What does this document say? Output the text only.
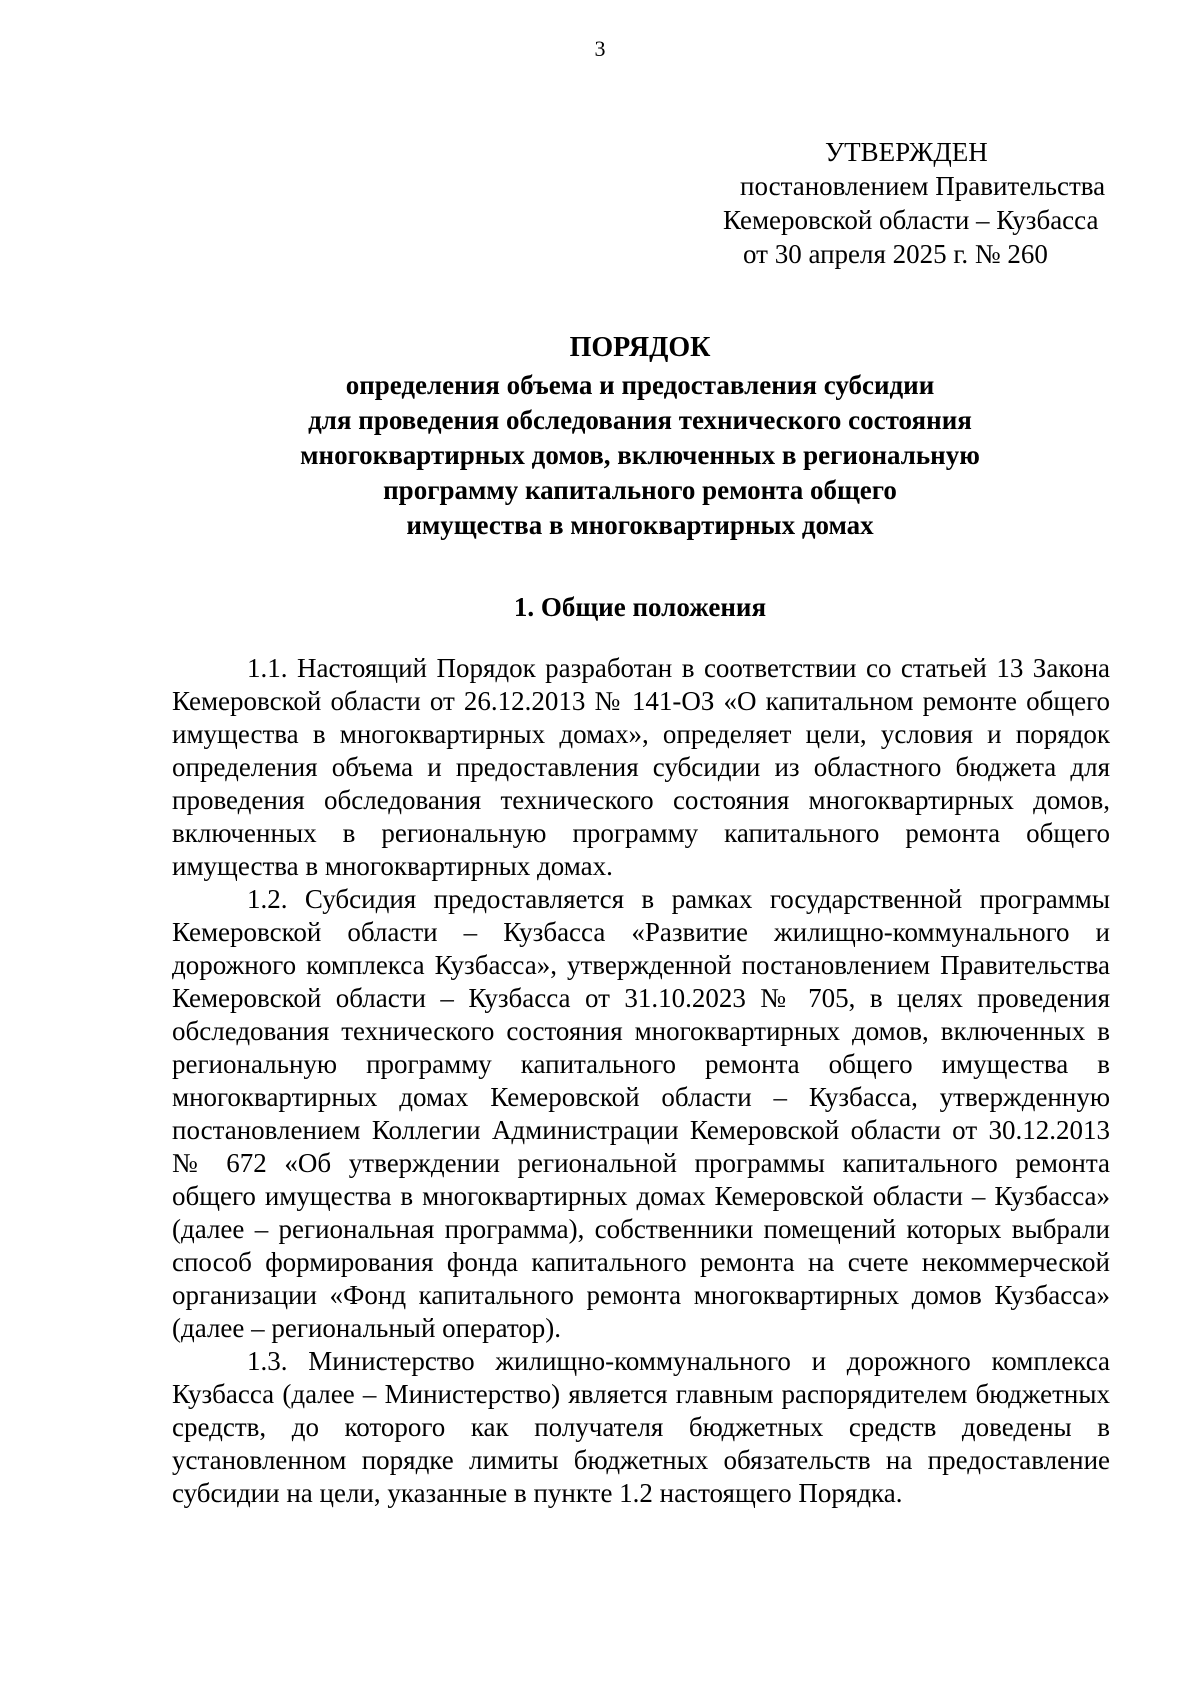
3
УТВЕРЖДЕН
постановлением Правительства
Кемеровской области – Кузбасса
от 30 апреля 2025 г. № 260
ПОРЯДОК
определения объема и предоставления субсидии
для проведения обследования технического состояния
многоквартирных домов, включенных в региональную
программу капитального ремонта общего
имущества в многоквартирных домах
1. Общие положения

1.1. Настоящий Порядок разработан в соответствии со статьей 13 Закона Кемеровской области от 26.12.2013 № 141-ОЗ «О капитальном ремонте общего имущества в многоквартирных домах», определяет цели, условия и порядок определения объема и предоставления субсидии из областного бюджета для проведения обследования технического состояния многоквартирных домов, включенных в региональную программу капитального ремонта общего имущества в многоквартирных домах.

1.2. Субсидия предоставляется в рамках государственной программы Кемеровской области – Кузбасса «Развитие жилищно-коммунального и дорожного комплекса Кузбасса», утвержденной постановлением Правительства Кемеровской области – Кузбасса от 31.10.2023 № 705, в целях проведения обследования технического состояния многоквартирных домов, включенных в региональную программу капитального ремонта общего имущества в многоквартирных домах Кемеровской области – Кузбасса, утвержденную постановлением Коллегии Администрации Кемеровской области от 30.12.2013 № 672 «Об утверждении региональной программы капитального ремонта общего имущества в многоквартирных домах Кемеровской области – Кузбасса» (далее – региональная программа), собственники помещений которых выбрали способ формирования фонда капитального ремонта на счете некоммерческой организации «Фонд капитального ремонта многоквартирных домов Кузбасса» (далее – региональный оператор).

1.3. Министерство жилищно-коммунального и дорожного комплекса Кузбасса (далее – Министерство) является главным распорядителем бюджетных средств, до которого как получателя бюджетных средств доведены в установленном порядке лимиты бюджетных обязательств на предоставление субсидии на цели, указанные в пункте 1.2 настоящего Порядка.
